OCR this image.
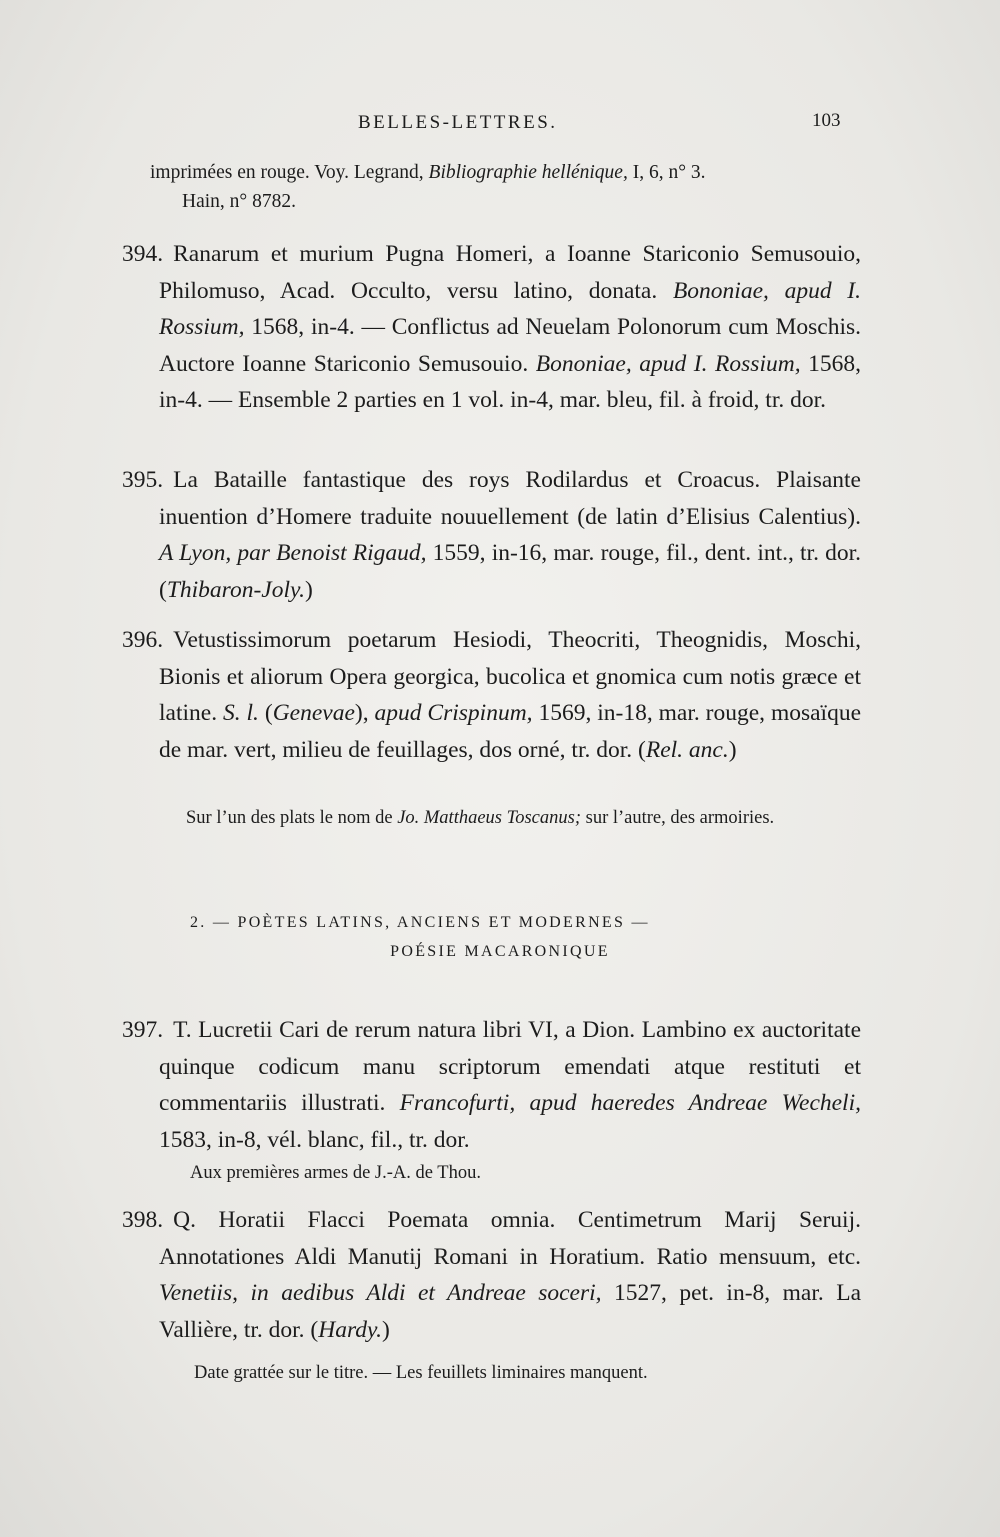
BELLES-LETTRES.	103
imprimées en rouge. Voy. Legrand, Bibliographie hellénique, I, 6, n° 3.
Hain, n° 8782.
394. Ranarum et murium Pugna Homeri, a Ioanne Stariconio Semusouio, Philomuso, Acad. Occulto, versu latino, donata. Bononiae, apud I. Rossium, 1568, in-4. — Conflictus ad Neuelam Polonorum cum Moschis. Auctore Ioanne Stariconio Semusouio. Bononiae, apud I. Rossium, 1568, in-4. — Ensemble 2 parties en 1 vol. in-4, mar. bleu, fil. à froid, tr. dor.
395. La Bataille fantastique des roys Rodilardus et Croacus. Plaisante inuention d’Homere traduite nouuellement (de latin d’Elisius Calentius). A Lyon, par Benoist Rigaud, 1559, in-16, mar. rouge, fil., dent. int., tr. dor. (Thibaron-Joly.)
396. Vetustissimorum poetarum Hesiodi, Theocriti, Theognidis, Moschi, Bionis et aliorum Opera georgica, bucolica et gnomica cum notis græce et latine. S. l. (Genevae), apud Crispinum, 1569, in-18, mar. rouge, mosaïque de mar. vert, milieu de feuillages, dos orné, tr. dor. (Rel. anc.)
Sur l’un des plats le nom de Jo. Matthaeus Toscanus; sur l’autre, des armoiries.
2. — POÈTES LATINS, ANCIENS ET MODERNES —
POÉSIE MACARONIQUE
397. T. Lucretii Cari de rerum natura libri VI, a Dion. Lambino ex auctoritate quinque codicum manu scriptorum emendati atque restituti et commentariis illustrati. Francofurti, apud haeredes Andreae Wecheli, 1583, in-8, vél. blanc, fil., tr. dor.
Aux premières armes de J.-A. de Thou.
398. Q. Horatii Flacci Poemata omnia. Centimetrum Marij Seruij. Annotationes Aldi Manutij Romani in Horatium. Ratio mensuum, etc. Venetiis, in aedibus Aldi et Andreae soceri, 1527, pet. in-8, mar. La Vallière, tr. dor. (Hardy.)
Date grattée sur le titre. — Les feuillets liminaires manquent.
